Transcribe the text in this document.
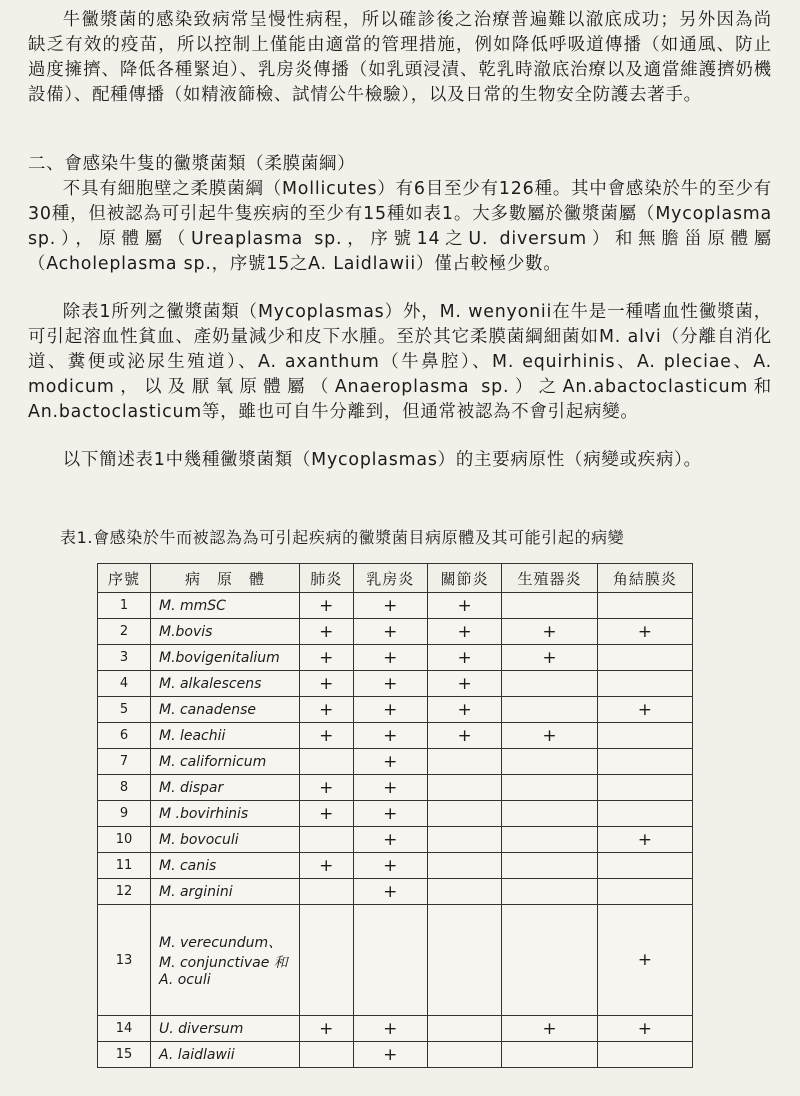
牛黴漿菌的感染致病常呈慢性病程，所以確診後之治療普遍難以澈底成功；另外因為尚缺乏有效的疫苗，所以控制上僅能由適當的管理措施，例如降低呼吸道傳播（如通風、防止過度擁擠、降低各種緊迫）、乳房炎傳播（如乳頭浸漬、乾乳時澈底治療以及適當維護擠奶機設備）、配種傳播（如精液篩檢、試情公牛檢驗），以及日常的生物安全防護去著手。

二、會感染牛隻的黴漿菌類（柔膜菌綱）

不具有細胞壁之柔膜菌綱（Mollicutes）有6目至少有126種。其中會感染於牛的至少有30種，但被認為可引起牛隻疾病的至少有15種如表1。大多數屬於黴漿菌屬（Mycoplasma sp.），原體屬（Ureaplasma sp.，序號14之U. diversum）和無膽甾原體屬（Acholeplasma sp.，序號15之A. Laidlawii）僅占較極少數。

除表1所列之黴漿菌類（Mycoplasmas）外，M. wenyonii在牛是一種嗜血性黴漿菌，可引起溶血性貧血、產奶量減少和皮下水腫。至於其它柔膜菌綱細菌如M. alvi（分離自消化道、糞便或泌尿生殖道）、A. axanthum（牛鼻腔）、M. equirhinis、A. pleciae、A. modicum，以及厭氧原體屬（Anaeroplasma sp.）之An.abactoclasticum和An.bactoclasticum等，雖也可自牛分離到，但通常被認為不會引起病變。

以下簡述表1中幾種黴漿菌類（Mycoplasmas）的主要病原性（病變或疾病）。

表1.會感染於牛而被認為為可引起疾病的黴漿菌目病原體及其可能引起的病變

序號	病　原　體	肺炎	乳房炎	關節炎	生殖器炎	角結膜炎
1	M. mmSC	+	+	+		
2	M.bovis	+	+	+	+	+
3	M.bovigenitalium	+	+	+	+	
4	M. alkalescens	+	+	+		
5	M. canadense	+	+	+		+
6	M. leachii	+	+	+	+	
7	M. californicum		+			
8	M. dispar	+	+			
9	M .bovirhinis	+	+			
10	M. bovoculi		+			+
11	M. canis	+	+			
12	M. arginini		+			
13	M. verecundum、M. conjunctivae 和 A. oculi					+
14	U. diversum	+	+		+	+
15	A. laidlawii		+			
